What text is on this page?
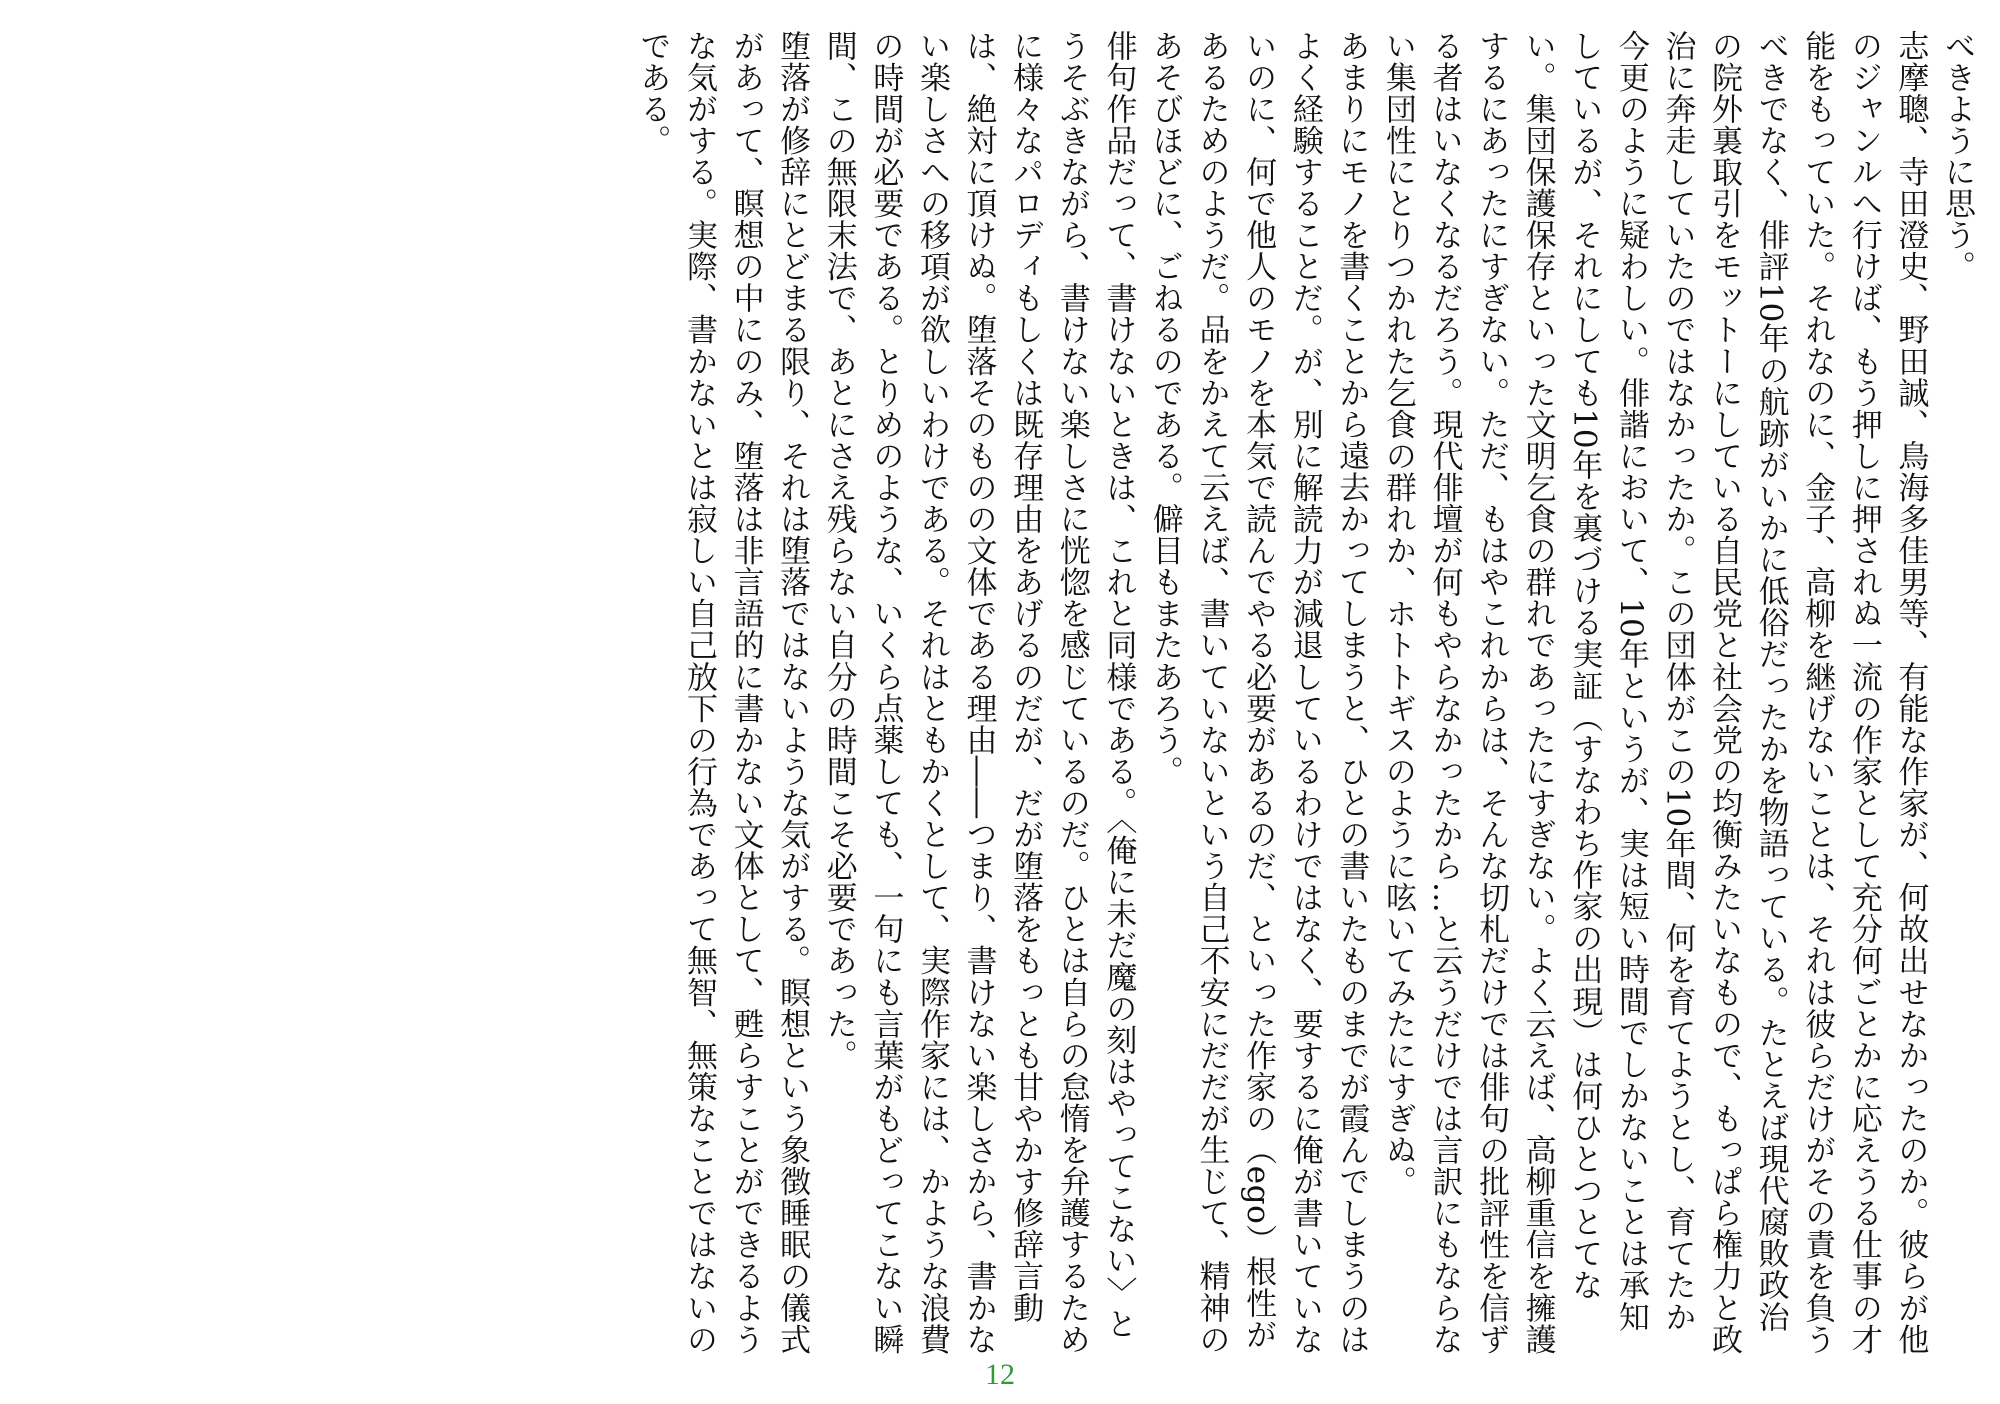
べきように思う。

志摩聰、寺田澄史、野田誠、鳥海多佳男等、有能な作家が、何故出せなかったのか。彼らが他のジャンルへ行けば、もう押しに押されぬ一流の作家として充分何ごとかに応えうる仕事の才能をもっていた。それなのに、金子、高柳を継げないことは、それは彼らだけがその責を負うべきでなく、俳評10年の航跡がいかに低俗だったかを物語っている。たとえば現代腐敗政治の院外裏取引をモットーにしている自民党と社会党の均衡みたいなもので、もっぱら権力と政治に奔走していたのではなかったか。この団体がこの10年間、何を育てようとし、育てたか今更のように疑わしい。俳諧において、10年というが、実は短い時間でしかないことは承知しているが、それにしても10年を裏づける実証（すなわち作家の出現）は何ひとつとてない。集団保護保存といった文明乞食の群れであったにすぎない。よく云えば、高柳重信を擁護するにあったにすぎない。ただ、もはやこれからは、そんな切札だけでは俳句の批評性を信ずる者はいなくなるだろう。現代俳壇が何もやらなかったから…と云うだけでは言訳にもならない集団性にとりつかれた乞食の群れか、ホトトギスのように呟いてみたにすぎぬ。

あまりにモノを書くことから遠去かってしまうと、ひとの書いたものまでが霞んでしまうのはよく経験することだ。が、別に解読力が減退しているわけではなく、要するに俺が書いていないのに、何で他人のモノを本気で読んでやる必要があるのだ、といった作家の（ego）根性があるためのようだ。品をかえて云えば、書いていないという自己不安にだだが生じて、精神のあそびほどに、ごねるのである。僻目もまたあろう。

俳句作品だって、書けないときは、これと同様である。〈俺に未だ魔の刻はやってこない〉とうそぶきながら、書けない楽しさに恍惚を感じているのだ。ひとは自らの怠惰を弁護するために様々なパロディもしくは既存理由をあげるのだが、だが堕落をもっとも甘やかす修辞言動は、絶対に頂けぬ。堕落そのものの文体である理由――つまり、書けない楽しさから、書かない楽しさへの移項が欲しいわけである。それはともかくとして、実際作家には、かような浪費の時間が必要である。とりめのような、いくら点薬しても、一句にも言葉がもどってこない瞬間、この無限末法で、あとにさえ残らない自分の時間こそ必要であった。

堕落が修辞にとどまる限り、それは堕落ではないような気がする。瞑想という象徴睡眠の儀式があって、瞑想の中にのみ、堕落は非言語的に書かない文体として、甦らすことができるような気がする。実際、書かないとは寂しい自己放下の行為であって無智、無策なことではないのである。

12
